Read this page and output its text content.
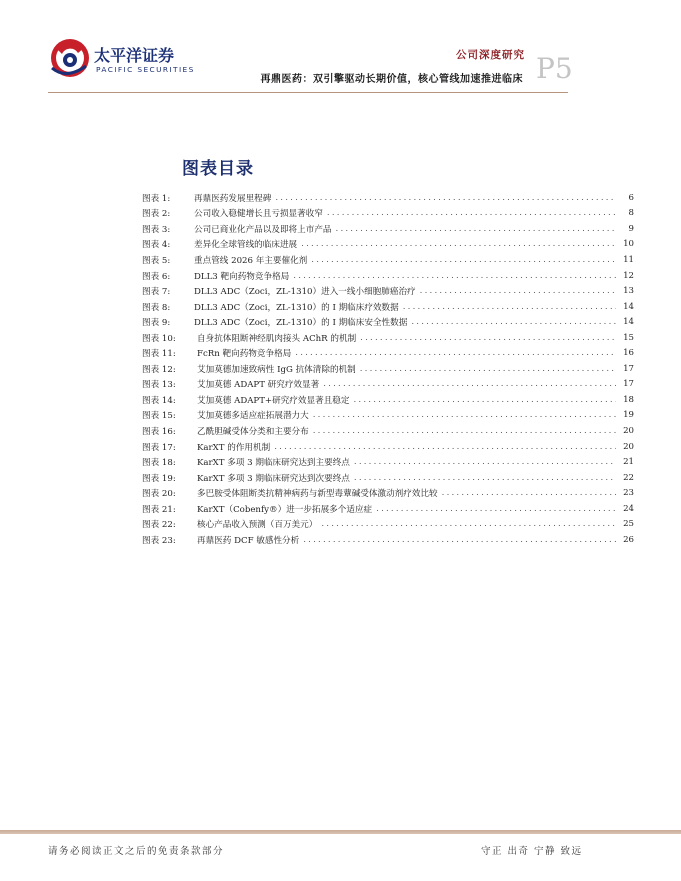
太平洋证券
PACIFIC SECURITIES
公司深度研究
再鼎医药：双引擎驱动长期价值，核心管线加速推进临床 P5
图表目录
图表 1:	再鼎医药发展里程碑 .....	6
图表 2:	公司收入稳健增长且亏损显著收窄 .....	8
图表 3:	公司已商业化产品以及即将上市产品 .....	9
图表 4:	差异化全球管线的临床进展 .....	10
图表 5:	重点管线 2026 年主要催化剂 .....	11
图表 6:	DLL3 靶向药物竞争格局 .....	12
图表 7:	DLL3 ADC（Zoci，ZL-1310）进入一线小细胞肺癌治疗 .....	13
图表 8:	DLL3 ADC（Zoci，ZL-1310）的 I 期临床疗效数据 .....	14
图表 9:	DLL3 ADC（Zoci，ZL-1310）的 I 期临床安全性数据 .....	14
图表 10:	自身抗体阻断神经肌肉接头 AChR 的机制 .....	15
图表 11:	FcRn 靶向药物竞争格局 .....	16
图表 12:	艾加莫德加速致病性 IgG 抗体清除的机制 .....	17
图表 13:	艾加莫德 ADAPT 研究疗效显著 .....	17
图表 14:	艾加莫德 ADAPT+研究疗效显著且稳定 .....	18
图表 15:	艾加莫德多适应症拓展潜力大 .....	19
图表 16:	乙酰胆碱受体分类和主要分布 .....	20
图表 17:	KarXT 的作用机制 .....	20
图表 18:	KarXT 多项 3 期临床研究达到主要终点 .....	21
图表 19:	KarXT 多项 3 期临床研究达到次要终点 .....	22
图表 20:	多巴胺受体阻断类抗精神病药与新型毒蕈碱受体激动剂疗效比较 .....	23
图表 21:	KarXT（Cobenfy®）进一步拓展多个适应症 .....	24
图表 22:	核心产品收入预测（百万美元） .....	25
图表 23:	再鼎医药 DCF 敏感性分析 .....	26
请务必阅读正文之后的免责条款部分	守正 出奇 宁静 致远
